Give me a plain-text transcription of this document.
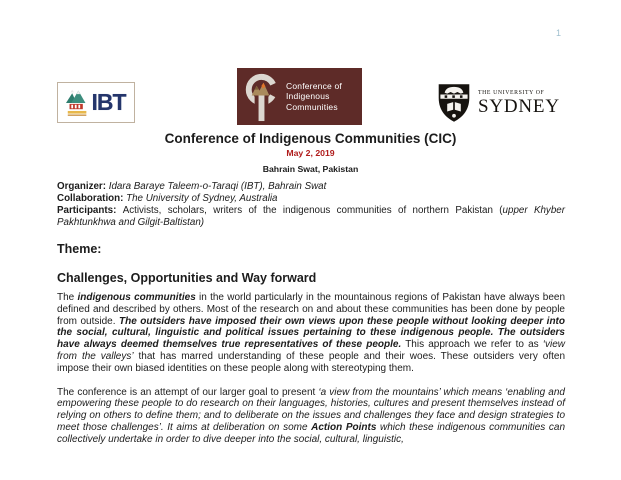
1
IBT
Conference of
Indigenous
Communities
THE UNIVERSITY OF
SYDNEY
Conference of Indigenous Communities (CIC)
May 2, 2019
Bahrain Swat, Pakistan
Organizer: Idara Baraye Taleem-o-Taraqi (IBT), Bahrain Swat
Collaboration: The University of Sydney, Australia
Participants: Activists, scholars, writers of the indigenous communities of northern Pakistan (upper Khyber Pakhtunkhwa and Gilgit-Baltistan)
Theme:
Challenges, Opportunities and Way forward
The indigenous communities in the world particularly in the mountainous regions of Pakistan have always been defined and described by others. Most of the research on and about these communities has been done by people from outside. The outsiders have imposed their own views upon these people without looking deeper into the social, cultural, linguistic and political issues pertaining to these indigenous people. The outsiders have always deemed themselves true representatives of these people. This approach we refer to as ‘view from the valleys’ that has marred understanding of these people and their woes. These outsiders very often impose their own biased identities on these people along with stereotyping them.
The conference is an attempt of our larger goal to present ‘a view from the mountains’ which means ‘enabling and empowering these people to do research on their languages, histories, cultures and present themselves instead of relying on others to define them; and to deliberate on the issues and challenges they face and design strategies to meet those challenges’. It aims at deliberation on some Action Points which these indigenous communities can collectively undertake in order to dive deeper into the social, cultural, linguistic,
